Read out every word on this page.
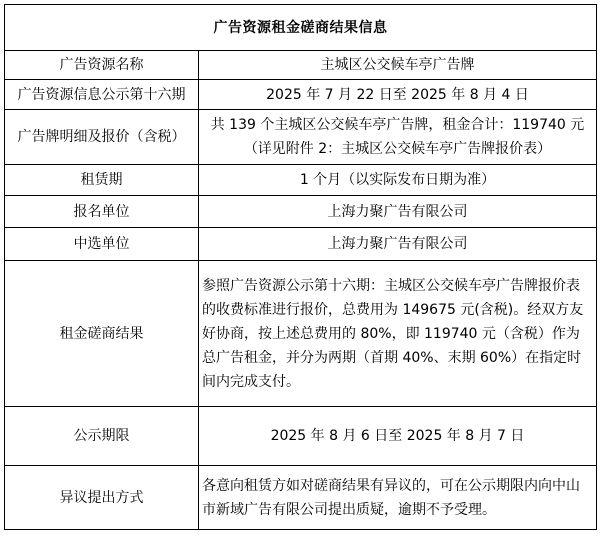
广告资源租金磋商结果信息	
广告资源名称	主城区公交候车亭广告牌
广告资源信息公示第十六期	2025 年 7 月 22 日至 2025 年 8 月 4 日
广告牌明细及报价（含税）	共 139 个主城区公交候车亭广告牌，租金合计：119740 元（详见附件 2：主城区公交候车亭广告牌报价表）
租赁期	1 个月（以实际发布日期为准）
报名单位	上海力聚广告有限公司
中选单位	上海力聚广告有限公司
租金磋商结果	参照广告资源公示第十六期：主城区公交候车亭广告牌报价表的收费标准进行报价，总费用为 149675 元(含税)。经双方友好协商，按上述总费用的 80%，即 119740 元（含税）作为总广告租金，并分为两期（首期 40%、末期 60%）在指定时间内完成支付。
公示期限	2025 年 8 月 6 日至 2025 年 8 月 7 日
异议提出方式	各意向租赁方如对磋商结果有异议的，可在公示期限内向中山市新域广告有限公司提出质疑，逾期不予受理。
